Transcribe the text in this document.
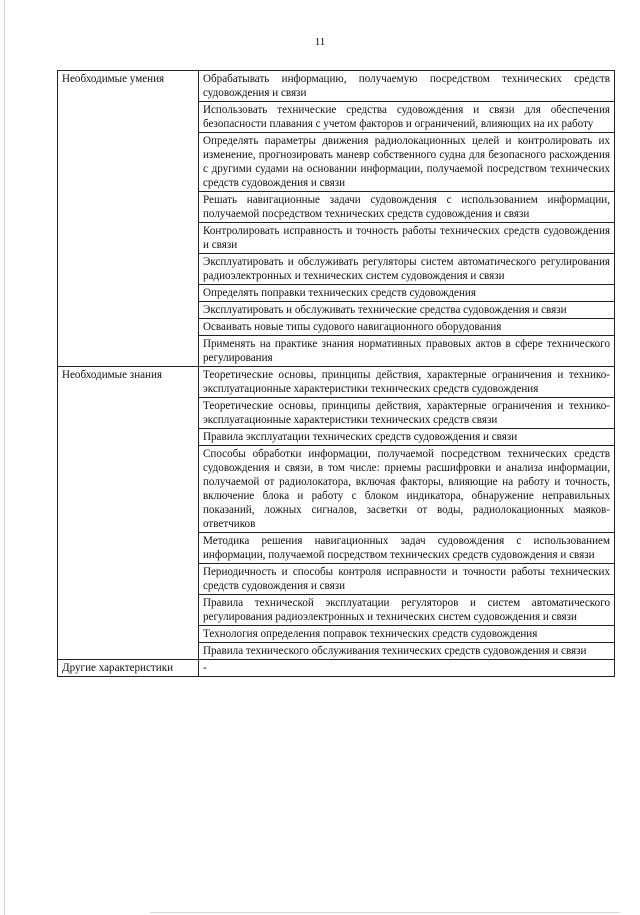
11
Необходимые умения	Обрабатывать информацию, получаемую посредством технических средств судовождения и связи
	Использовать технические средства судовождения и связи для обеспечения безопасности плавания с учетом факторов и ограничений, влияющих на их работу
	Определять параметры движения радиолокационных целей и контролировать их изменение, прогнозировать маневр собственного судна для безопасного расхождения с другими судами на основании информации, получаемой посредством технических средств судовождения и связи
	Решать навигационные задачи судовождения с использованием информации, получаемой посредством технических средств судовождения и связи
	Контролировать исправность и точность работы технических средств судовождения и связи
	Эксплуатировать и обслуживать регуляторы систем автоматического регулирования радиоэлектронных и технических систем судовождения и связи
	Определять поправки технических средств судовождения
	Эксплуатировать и обслуживать технические средства судовождения и связи
	Осваивать новые типы судового навигационного оборудования
	Применять на практике знания нормативных правовых актов в сфере технического регулирования
Необходимые знания	Теоретические основы, принципы действия, характерные ограничения и технико-эксплуатационные характеристики технических средств судовождения
	Теоретические основы, принципы действия, характерные ограничения и технико-эксплуатационные характеристики технических средств связи
	Правила эксплуатации технических средств судовождения и связи
	Способы обработки информации, получаемой посредством технических средств судовождения и связи, в том числе: приемы расшифровки и анализа информации, получаемой от радиолокатора, включая факторы, влияющие на работу и точность, включение блока и работу с блоком индикатора, обнаружение неправильных показаний, ложных сигналов, засветки от воды, радиолокационных маяков-ответчиков
	Методика решения навигационных задач судовождения с использованием информации, получаемой посредством технических средств судовождения и связи
	Периодичность и способы контроля исправности и точности работы технических средств судовождения и связи
	Правила технической эксплуатации регуляторов и систем автоматического регулирования радиоэлектронных и технических систем судовождения и связи
	Технология определения поправок технических средств судовождения
	Правила технического обслуживания технических средств судовождения и связи
Другие характеристики	-
